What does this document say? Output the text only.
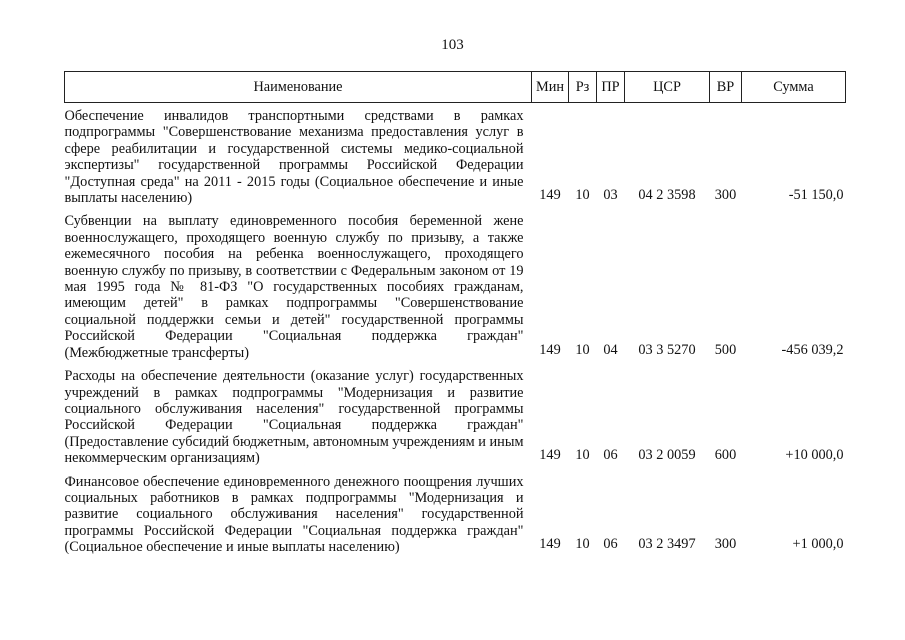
103
Наименование	Мин	Рз	ПР	ЦСР	ВР	Сумма
Обеспечение инвалидов транспортными средствами в рамках подпрограммы "Совершенствование механизма предоставления услуг в сфере реабилитации и государственной системы медико-социальной экспертизы" государственной программы Российской Федерации "Доступная среда" на 2011 - 2015 годы (Социальное обеспечение и иные выплаты населению)	149	10	03	04 2 3598	300	-51 150,0
Субвенции на выплату единовременного пособия беременной жене военнослужащего, проходящего военную службу по призыву, а также ежемесячного пособия на ребенка военнослужащего, проходящего военную службу по призыву, в соответствии с Федеральным законом от 19 мая 1995 года № 81-ФЗ "О государственных пособиях гражданам, имеющим детей" в рамках подпрограммы "Совершенствование социальной поддержки семьи и детей" государственной программы Российской Федерации "Социальная поддержка граждан" (Межбюджетные трансферты)	149	10	04	03 3 5270	500	-456 039,2
Расходы на обеспечение деятельности (оказание услуг) государственных учреждений в рамках подпрограммы "Модернизация и развитие социального обслуживания населения" государственной программы Российской Федерации "Социальная поддержка граждан" (Предоставление субсидий бюджетным, автономным учреждениям и иным некоммерческим организациям)	149	10	06	03 2 0059	600	+10 000,0
Финансовое обеспечение единовременного денежного поощрения лучших социальных работников в рамках подпрограммы "Модернизация и развитие социального обслуживания населения" государственной программы Российской Федерации "Социальная поддержка граждан" (Социальное обеспечение и иные выплаты населению)	149	10	06	03 2 3497	300	+1 000,0
